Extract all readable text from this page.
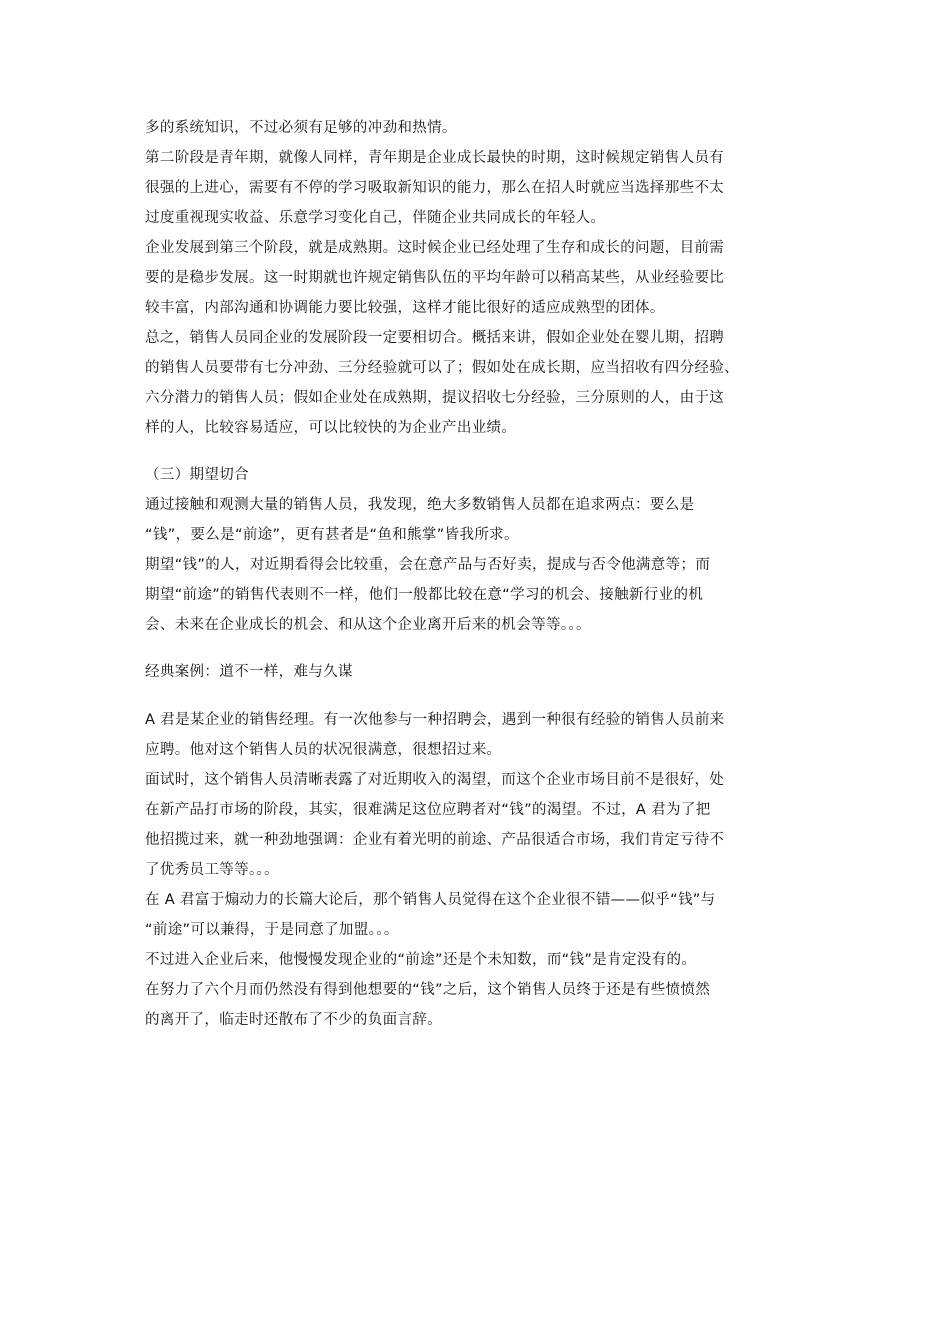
多的系统知识，不过必须有足够的冲劲和热情。
第二阶段是青年期，就像人同样，青年期是企业成长最快的时期，这时候规定销售人员有
很强的上进心，需要有不停的学习吸取新知识的能力，那么在招人时就应当选择那些不太
过度重视现实收益、乐意学习变化自己，伴随企业共同成长的年轻人。
企业发展到第三个阶段，就是成熟期。这时候企业已经处理了生存和成长的问题，目前需
要的是稳步发展。这一时期就也许规定销售队伍的平均年龄可以稍高某些，从业经验要比
较丰富，内部沟通和协调能力要比较强，这样才能比很好的适应成熟型的团体。
总之，销售人员同企业的发展阶段一定要相切合。概括来讲，假如企业处在婴儿期，招聘
的销售人员要带有七分冲劲、三分经验就可以了；假如处在成长期，应当招收有四分经验、
六分潜力的销售人员；假如企业处在成熟期，提议招收七分经验，三分原则的人，由于这
样的人，比较容易适应，可以比较快的为企业产出业绩。
（三）期望切合
通过接触和观测大量的销售人员，我发现，绝大多数销售人员都在追求两点：要么是
“钱”，要么是“前途”，更有甚者是“鱼和熊掌”皆我所求。
期望“钱”的人，对近期看得会比较重，会在意产品与否好卖，提成与否令他满意等；而
期望“前途”的销售代表则不一样，他们一般都比较在意“学习的机会、接触新行业的机
会、未来在企业成长的机会、和从这个企业离开后来的机会等等。。。
经典案例：道不一样，难与久谋
A 君是某企业的销售经理。有一次他参与一种招聘会，遇到一种很有经验的销售人员前来
应聘。他对这个销售人员的状况很满意，很想招过来。
面试时，这个销售人员清晰表露了对近期收入的渴望，而这个企业市场目前不是很好，处
在新产品打市场的阶段，其实，很难满足这位应聘者对“钱”的渴望。不过，A 君为了把
他招揽过来，就一种劲地强调：企业有着光明的前途、产品很适合市场，我们肯定亏待不
了优秀员工等等。。。
在 A 君富于煽动力的长篇大论后，那个销售人员觉得在这个企业很不错——似乎“钱”与
“前途”可以兼得，于是同意了加盟。。。
不过进入企业后来，他慢慢发现企业的“前途”还是个未知数，而“钱”是肯定没有的。
在努力了六个月而仍然没有得到他想要的“钱”之后，这个销售人员终于还是有些愤愤然
的离开了，临走时还散布了不少的负面言辞。
